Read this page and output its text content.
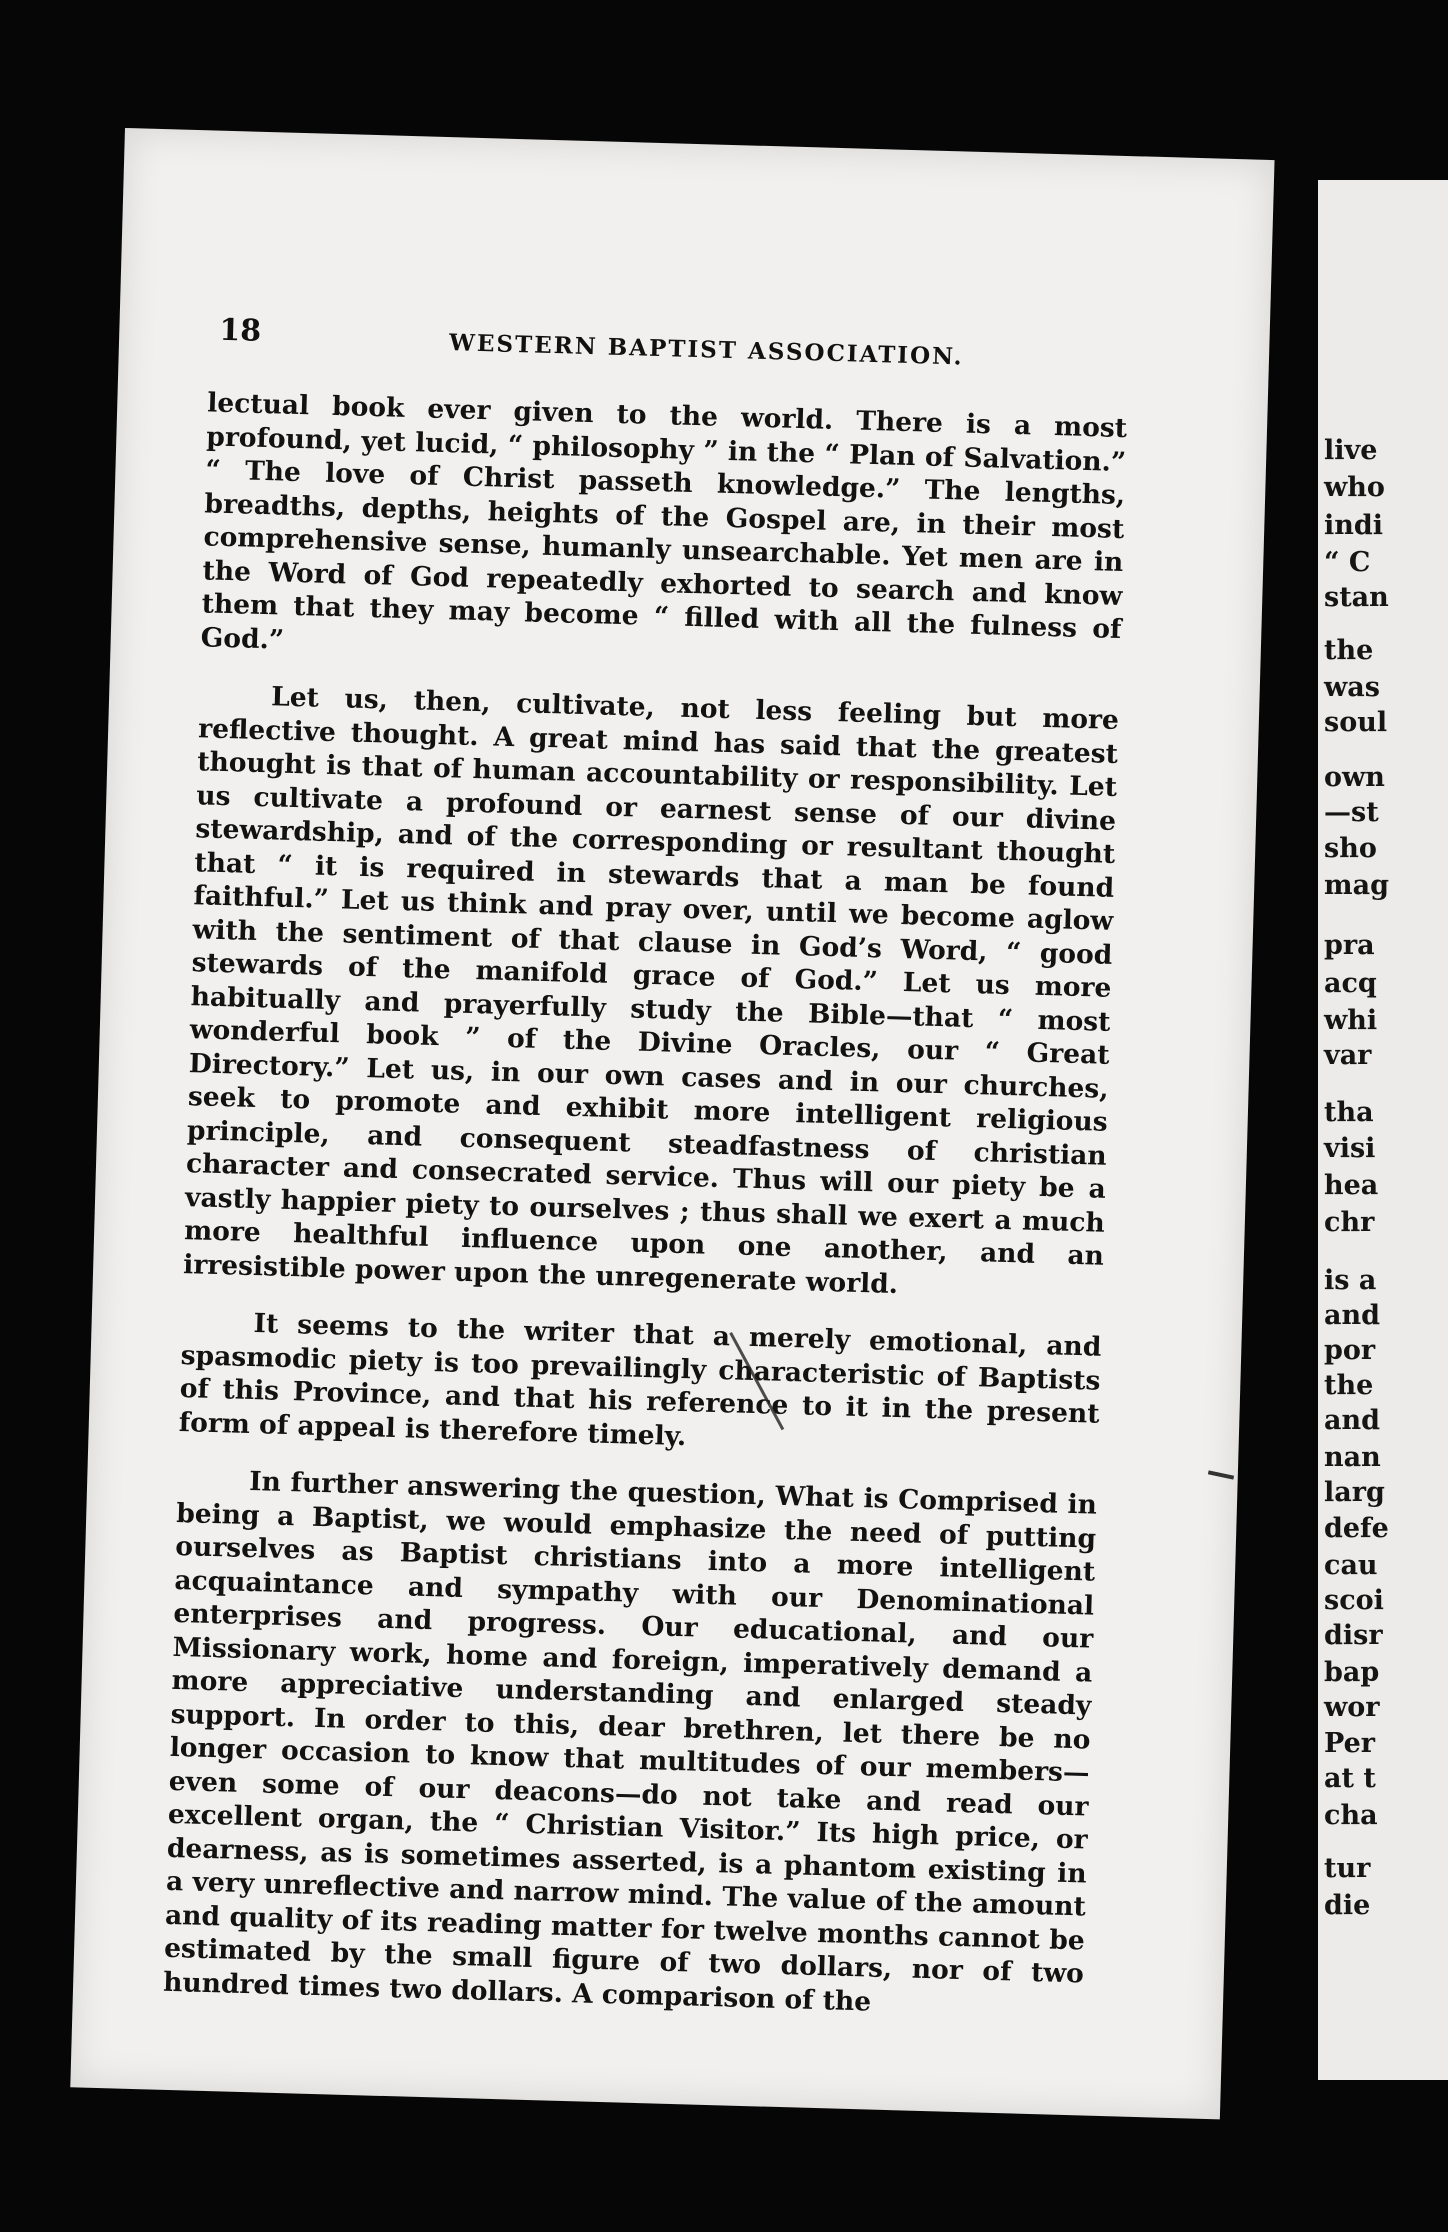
18	WESTERN BAPTIST ASSOCIATION.

lectual book ever given to the world. There is a most profound, yet lucid, “ philosophy ” in the “ Plan of Salvation.” “ The love of Christ passeth knowledge.” The lengths, breadths, depths, heights of the Gospel are, in their most comprehensive sense, humanly unsearchable. Yet men are in the Word of God repeatedly exhorted to search and know them that they may become “ filled with all the fulness of God.”

Let us, then, cultivate, not less feeling but more reflective thought. A great mind has said that the greatest thought is that of human accountability or responsibility. Let us cultivate a profound or earnest sense of our divine stewardship, and of the corresponding or resultant thought that “ it is required in stewards that a man be found faithful.” Let us think and pray over, until we become aglow with the sentiment of that clause in God’s Word, “ good stewards of the manifold grace of God.” Let us more habitually and prayerfully study the Bible—that “ most wonderful book ” of the Divine Oracles, our “ Great Directory.” Let us, in our own cases and in our churches, seek to promote and exhibit more intelligent religious principle, and consequent steadfastness of christian character and consecrated service. Thus will our piety be a vastly happier piety to ourselves ; thus shall we exert a much more healthful influence upon one another, and an irresistible power upon the unregenerate world.

It seems to the writer that a merely emotional, and spasmodic piety is too prevailingly characteristic of Baptists of this Province, and that his reference to it in the present form of appeal is therefore timely.

In further answering the question, What is Comprised in being a Baptist, we would emphasize the need of putting ourselves as Baptist christians into a more intelligent acquaintance and sympathy with our Denominational enterprises and progress. Our educational, and our Missionary work, home and foreign, imperatively demand a more appreciative understanding and enlarged steady support. In order to this, dear brethren, let there be no longer occasion to know that multitudes of our members—even some of our deacons—do not take and read our excellent organ, the “ Christian Visitor.” Its high price, or dearness, as is sometimes asserted, is a phantom existing in a very unreflective and narrow mind. The value of the amount and quality of its reading matter for twelve months cannot be estimated by the small figure of two dollars, nor of two hundred times two dollars. A comparison of the

live
who
indi
“ C
stan
the
was
soul
own
—st
sho
mag
pra
acq
whi
var
tha
visi
hea
chr
is a
and
por
the
and
nan
larg
defe
cau
scoi
disr
bap
wor
Per
at t
cha
tur
die
